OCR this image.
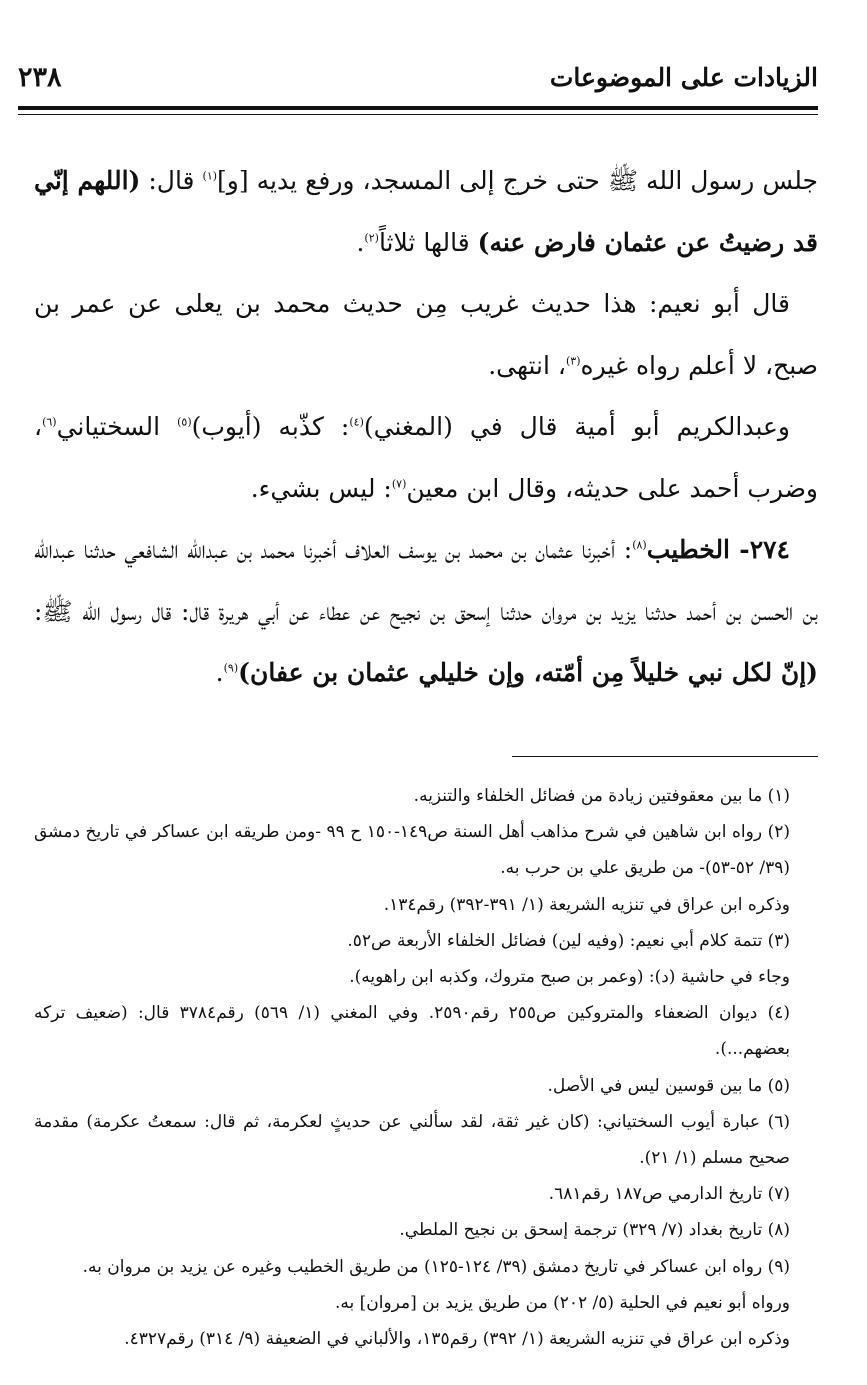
الزيادات على الموضوعات
٢٣٨

جلس رسول الله ﷺ حتى خرج إلى المسجد، ورفع يديه [و]$^{(١)}$ قال: (اللهم إنّي قد رضيتُ عن عثمان فارض عنه) قالها ثلاثاً$^{(٢)}$.

قال أبو نعيم: هذا حديث غريب مِن حديث محمد بن يعلى عن عمر بن صبح، لا أعلم رواه غيره$^{(٣)}$، انتهى.

وعبدالكريم أبو أمية قال في (المغني)$^{(٤)}$: كذّبه (أيوب)$^{(٥)}$ السختياني$^{(٦)}$، وضرب أحمد على حديثه، وقال ابن معين$^{(٧)}$: ليس بشيء.

٢٧٤- الخطيب$^{(٨)}$: أخبرنا عثمان بن محمد بن يوسف العلاف أخبرنا محمد بن عبدالله الشافعي حدثنا عبدالله بن الحسن بن أحمد حدثنا يزيد بن مروان حدثنا إسحق بن نجيح عن عطاء عن أبي هريرة قال: قال رسول الله ﷺ: (إنّ لكل نبي خليلاً مِن أمّته، وإن خليلي عثمان بن عفان)$^{(٩)}$.

(١) ما بين معقوفتين زيادة من فضائل الخلفاء والتنزيه.

(٢) رواه ابن شاهين في شرح مذاهب أهل السنة ص١٤٩-١٥٠ ح ٩٩ -ومن طريقه ابن عساكر في تاريخ دمشق (٣٩/ ٥٢-٥٣)- من طريق علي بن حرب به.

وذكره ابن عراق في تنزيه الشريعة (١/ ٣٩١-٣٩٢) رقم١٣٤.

(٣) تتمة كلام أبي نعيم: (وفيه لين) فضائل الخلفاء الأربعة ص٥٢.

وجاء في حاشية (د): (وعمر بن صبح متروك، وكذبه ابن راهويه).

(٤) ديوان الضعفاء والمتروكين ص٢٥٥ رقم٢٥٩٠. وفي المغني (١/ ٥٦٩) رقم٣٧٨٤ قال: (ضعيف تركه بعضهم...).

(٥) ما بين قوسين ليس في الأصل.

(٦) عبارة أيوب السختياني: (كان غير ثقة، لقد سألني عن حديثٍ لعكرمة، ثم قال: سمعتُ عكرمة) مقدمة صحيح مسلم (١/ ٢١).

(٧) تاريخ الدارمي ص١٨٧ رقم٦٨١.

(٨) تاريخ بغداد (٧/ ٣٢٩) ترجمة إسحق بن نجيح الملطي.

(٩) رواه ابن عساكر في تاريخ دمشق (٣٩/ ١٢٤-١٢٥) من طريق الخطيب وغيره عن يزيد بن مروان به.

ورواه أبو نعيم في الحلية (٥/ ٢٠٢) من طريق يزيد بن [مروان] به.

وذكره ابن عراق في تنزيه الشريعة (١/ ٣٩٢) رقم١٣٥، والألباني في الضعيفة (٩/ ٣١٤) رقم٤٣٢٧.
